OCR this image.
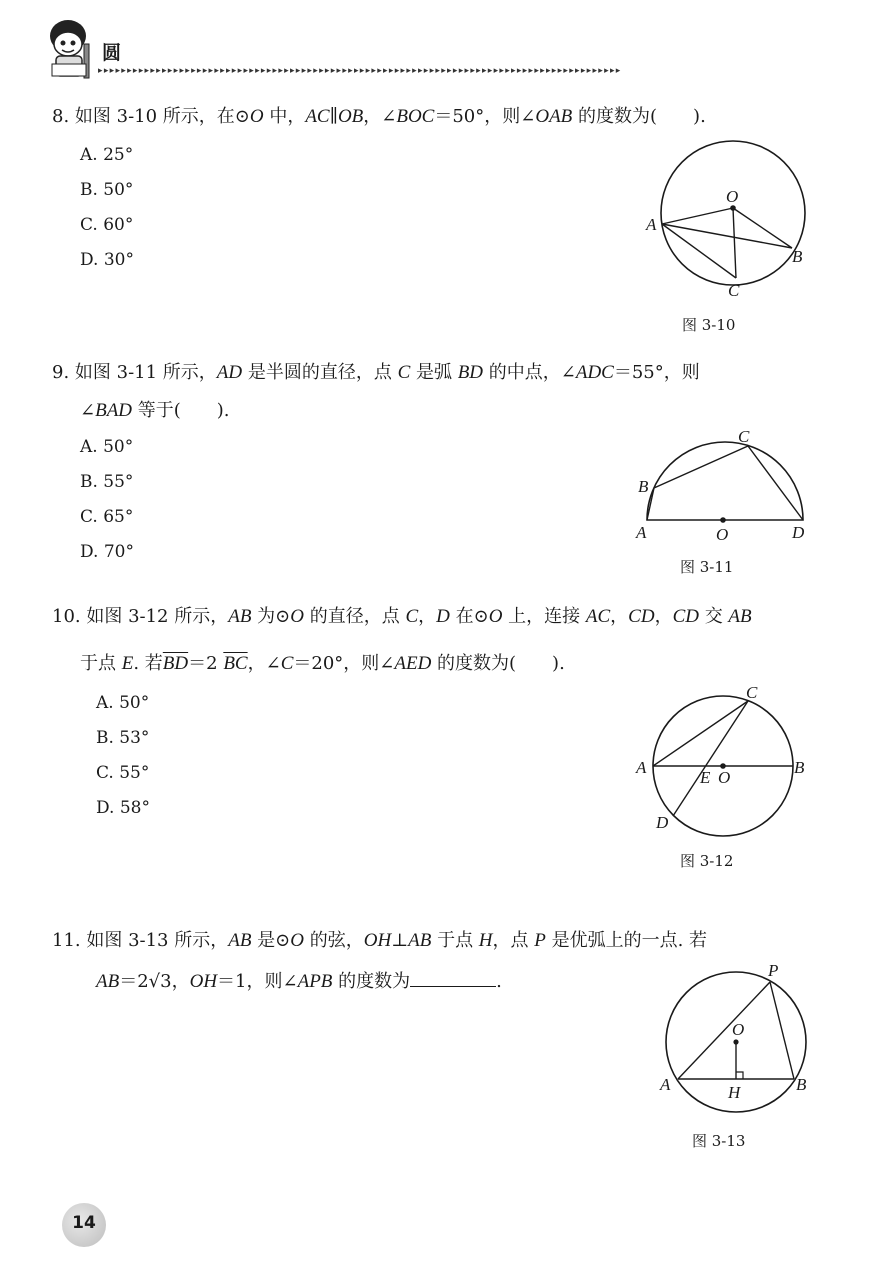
圆
▸▸▸▸▸▸▸▸▸▸▸▸▸▸▸▸▸▸▸▸▸▸▸▸▸▸▸▸▸▸▸▸▸▸▸▸▸▸▸▸▸▸▸▸▸▸▸▸▸▸▸▸▸▸▸▸▸▸▸▸▸▸▸▸▸▸▸▸▸▸▸▸▸▸▸▸▸▸▸▸▸▸▸▸▸▸▸▸▸▸
8. 如图 3-10 所示，在⊙O 中，AC∥OB，∠BOC＝50°，则∠OAB 的度数为(　　).
A. 25°
B. 50°
C. 60°
D. 30°
O
A
B
C
图 3-10
9. 如图 3-11 所示，AD 是半圆的直径，点 C 是弧 BD 的中点，∠ADC＝55°，则
∠BAD 等于(　　).
A. 50°
B. 55°
C. 65°
D. 70°
C
B
A	O	D
图 3-11
10. 如图 3-12 所示，AB 为⊙O 的直径，点 C，D 在⊙O 上，连接 AC，CD，CD 交 AB
于点 E. 若$\overline{BD}=2$ $\overline{BC}$，∠C＝20°，则∠AED 的度数为(　　).
A. 50°
B. 53°
C. 55°
D. 58°
C
A	B
E O
D
图 3-12
11. 如图 3-13 所示，AB 是⊙O 的弦，OH⊥AB 于点 H，点 P 是优弧上的一点. 若
AB＝2√3，OH＝1，则∠APB 的度数为	.
P
O
A	B
H
图 3-13
14
